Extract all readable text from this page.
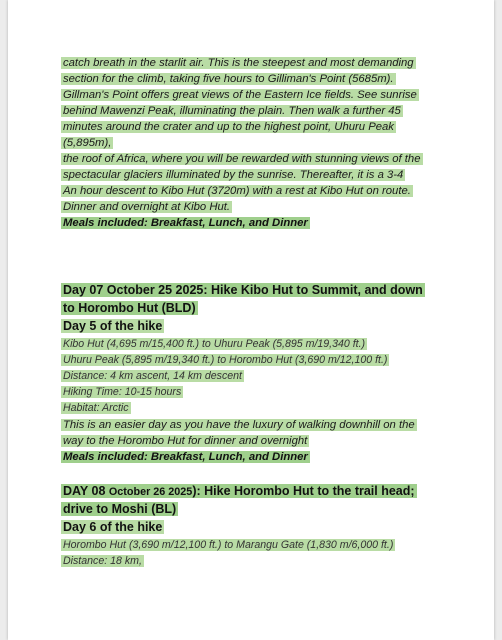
catch breath in the starlit air. This is the steepest and most demanding
section for the climb, taking five hours to Gilliman's Point (5685m).
Gillman's Point offers great views of the Eastern Ice fields. See sunrise
behind Mawenzi Peak, illuminating the plain. Then walk a further 45
minutes around the crater and up to the highest point, Uhuru Peak
(5,895m),
the roof of Africa, where you will be rewarded with stunning views of the
spectacular glaciers illuminated by the sunrise. Thereafter, it is a 3-4
An hour descent to Kibo Hut (3720m) with a rest at Kibo Hut on route.
Dinner and overnight at Kibo Hut.
Meals included: Breakfast, Lunch, and Dinner
Day 07 October 25 2025: Hike Kibo Hut to Summit, and down
to Horombo Hut (BLD)
Day 5 of the hike
Kibo Hut (4,695 m/15,400 ft.) to Uhuru Peak (5,895 m/19,340 ft.)
Uhuru Peak (5,895 m/19,340 ft.) to Horombo Hut (3,690 m/12,100 ft.)
Distance: 4 km ascent, 14 km descent
Hiking Time: 10-15 hours
Habitat: Arctic
This is an easier day as you have the luxury of walking downhill on the
way to the Horombo Hut for dinner and overnight
Meals included: Breakfast, Lunch, and Dinner
DAY 08 October 26 2025): Hike Horombo Hut to the trail head;
drive to Moshi (BL)
Day 6 of the hike
Horombo Hut (3,690 m/12,100 ft.) to Marangu Gate (1,830 m/6,000 ft.)
Distance: 18 km,
